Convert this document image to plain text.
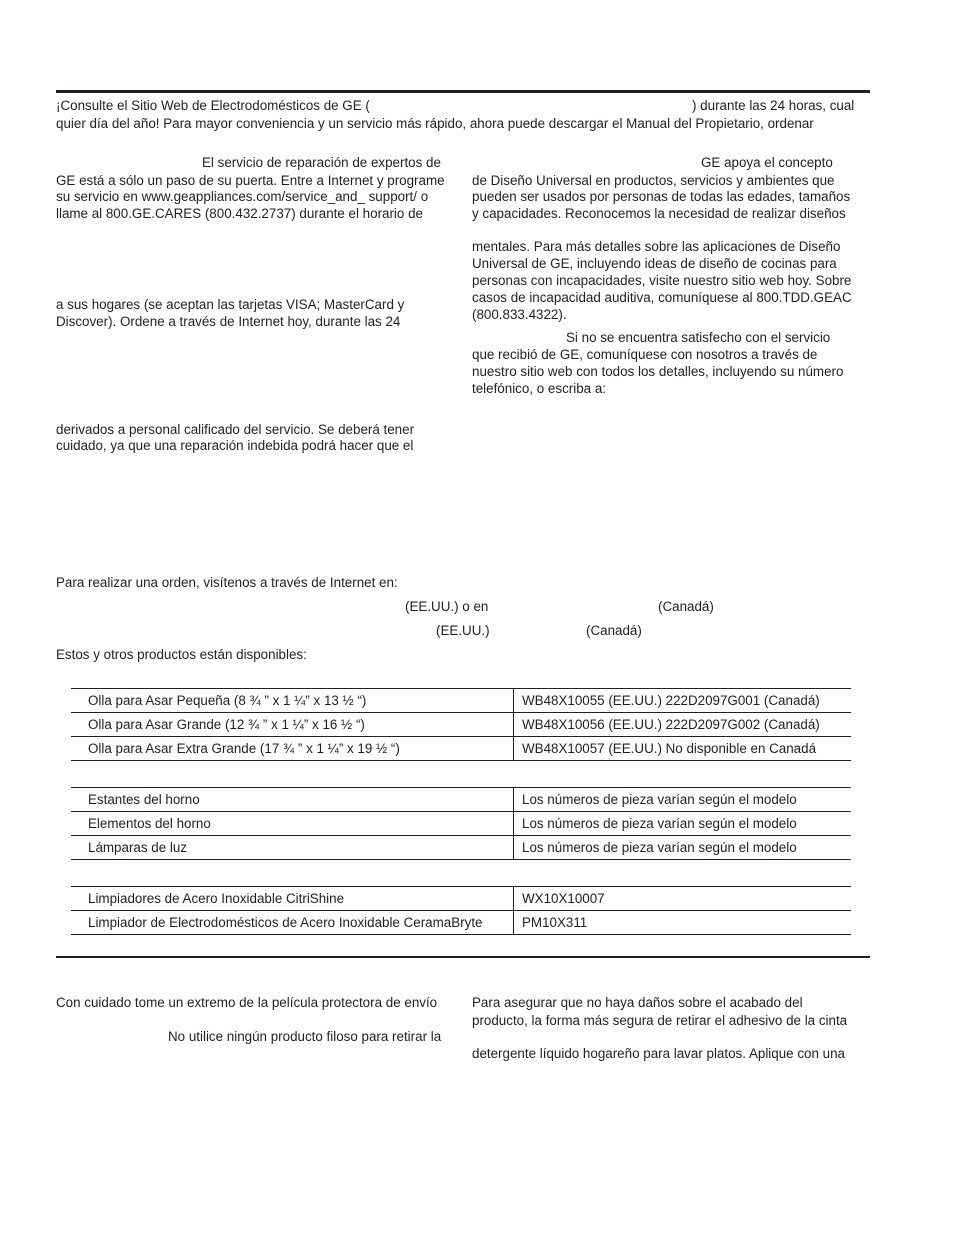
¡Consulte el Sitio Web de Electrodomésticos de GE (	) durante las 24 horas, cual
quier día del año! Para mayor conveniencia y un servicio más rápido, ahora puede descargar el Manual del Propietario, ordenar
El servicio de reparación de expertos de
GE está a sólo un paso de su puerta. Entre a Internet y programe
su servicio en www.geappliances.com/service_and_ support/ o
llame al 800.GE.CARES (800.432.2737) durante el horario de
a sus hogares (se aceptan las tarjetas VISA; MasterCard y
Discover). Ordene a través de Internet hoy, durante las 24
derivados a personal calificado del servicio. Se deberá tener
cuidado, ya que una reparación indebida podrá hacer que el
GE apoya el concepto
de Diseño Universal en productos, servicios y ambientes que
pueden ser usados por personas de todas las edades, tamaños
y capacidades. Reconocemos la necesidad de realizar diseños
mentales. Para más detalles sobre las aplicaciones de Diseño
Universal de GE, incluyendo ideas de diseño de cocinas para
personas con incapacidades, visite nuestro sitio web hoy. Sobre
casos de incapacidad auditiva, comuníquese al 800.TDD.GEAC
(800.833.4322).
Si no se encuentra satisfecho con el servicio
que recibió de GE, comuníquese con nosotros a través de
nuestro sitio web con todos los detalles, incluyendo su número
telefónico, o escriba a:
Para realizar una orden, visítenos a través de Internet en:
(EE.UU.) o en	(Canadá)
(EE.UU.)	(Canadá)
Estos y otros productos están disponibles:
Olla para Asar Pequeña (8 ¾ ” x 1 ¼” x 13 ½ “)	WB48X10055 (EE.UU.) 222D2097G001 (Canadá)
Olla para Asar Grande (12 ¾ ” x 1 ¼” x 16 ½ “)	WB48X10056 (EE.UU.) 222D2097G002 (Canadá)
Olla para Asar Extra Grande (17 ¾ ” x 1 ¼” x 19 ½ “)	WB48X10057 (EE.UU.) No disponible en Canadá
Estantes del horno	Los números de pieza varían según el modelo
Elementos del horno	Los números de pieza varían según el modelo
Lámparas de luz	Los números de pieza varían según el modelo
Limpiadores de Acero Inoxidable CitriShine	WX10X10007
Limpiador de Electrodomésticos de Acero Inoxidable CeramaBryte	PM10X311
Con cuidado tome un extremo de la película protectora de envío
No utilice ningún producto filoso para retirar la
Para asegurar que no haya daños sobre el acabado del
producto, la forma más segura de retirar el adhesivo de la cinta
detergente líquido hogareño para lavar platos. Aplique con una
